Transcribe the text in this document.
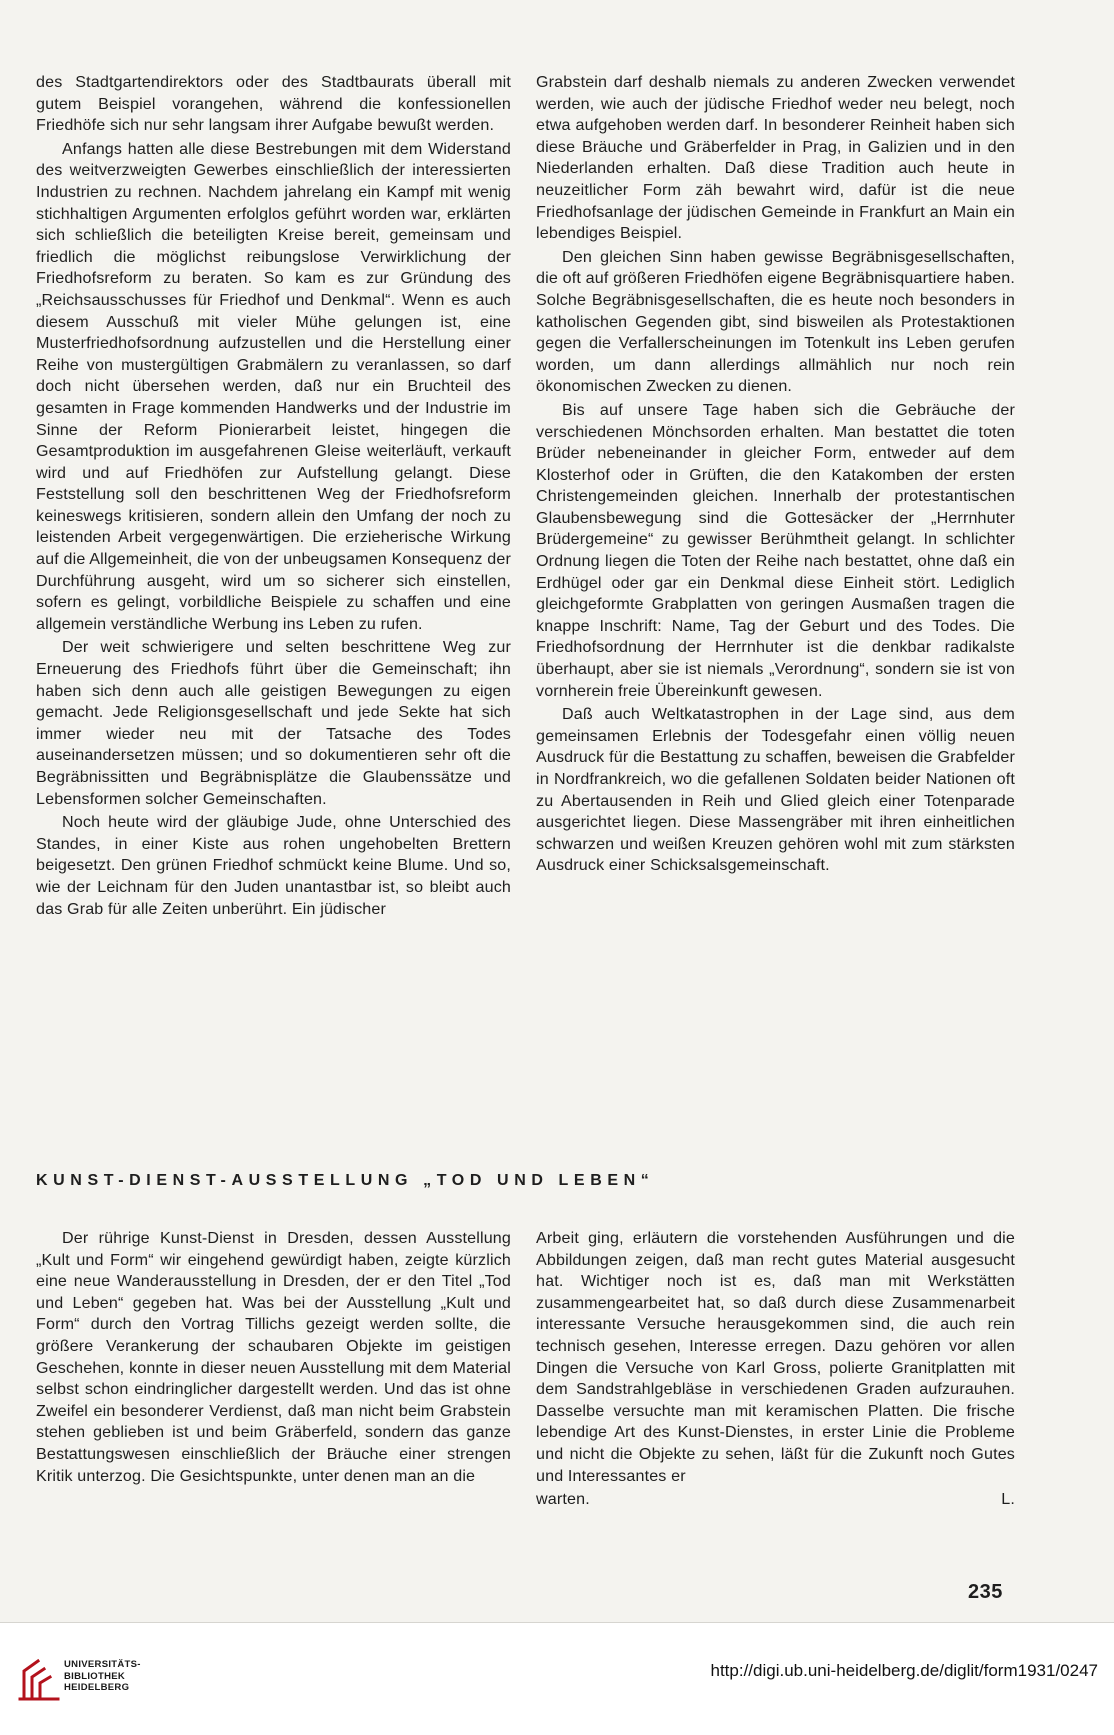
des Stadtgartendirektors oder des Stadtbaurats überall mit gutem Beispiel vorangehen, während die konfessionellen Friedhöfe sich nur sehr langsam ihrer Aufgabe bewußt werden.

Anfangs hatten alle diese Bestrebungen mit dem Widerstand des weitverzweigten Gewerbes einschließlich der interessierten Industrien zu rechnen. Nachdem jahrelang ein Kampf mit wenig stichhaltigen Argumenten erfolglos geführt worden war, erklärten sich schließlich die beteiligten Kreise bereit, gemeinsam und friedlich die möglichst reibungslose Verwirklichung der Friedhofsreform zu beraten. So kam es zur Gründung des „Reichsausschusses für Friedhof und Denkmal“. Wenn es auch diesem Ausschuß mit vieler Mühe gelungen ist, eine Musterfriedhofsordnung aufzustellen und die Herstellung einer Reihe von mustergültigen Grabmälern zu veranlassen, so darf doch nicht übersehen werden, daß nur ein Bruchteil des gesamten in Frage kommenden Handwerks und der Industrie im Sinne der Reform Pionierarbeit leistet, hingegen die Gesamtproduktion im ausgefahrenen Gleise weiterläuft, verkauft wird und auf Friedhöfen zur Aufstellung gelangt. Diese Feststellung soll den beschrittenen Weg der Friedhofsreform keineswegs kritisieren, sondern allein den Umfang der noch zu leistenden Arbeit vergegenwärtigen. Die erzieherische Wirkung auf die Allgemeinheit, die von der unbeugsamen Konsequenz der Durchführung ausgeht, wird um so sicherer sich einstellen, sofern es gelingt, vorbildliche Beispiele zu schaffen und eine allgemein verständliche Werbung ins Leben zu rufen.

Der weit schwierigere und selten beschrittene Weg zur Erneuerung des Friedhofs führt über die Gemeinschaft; ihn haben sich denn auch alle geistigen Bewegungen zu eigen gemacht. Jede Religionsgesellschaft und jede Sekte hat sich immer wieder neu mit der Tatsache des Todes auseinandersetzen müssen; und so dokumentieren sehr oft die Begräbnissitten und Begräbnisplätze die Glaubenssätze und Lebensformen solcher Gemeinschaften.

Noch heute wird der gläubige Jude, ohne Unterschied des Standes, in einer Kiste aus rohen ungehobelten Brettern beigesetzt. Den grünen Friedhof schmückt keine Blume. Und so, wie der Leichnam für den Juden unantastbar ist, so bleibt auch das Grab für alle Zeiten unberührt. Ein jüdischer

Grabstein darf deshalb niemals zu anderen Zwecken verwendet werden, wie auch der jüdische Friedhof weder neu belegt, noch etwa aufgehoben werden darf. In besonderer Reinheit haben sich diese Bräuche und Gräberfelder in Prag, in Galizien und in den Niederlanden erhalten. Daß diese Tradition auch heute in neuzeitlicher Form zäh bewahrt wird, dafür ist die neue Friedhofsanlage der jüdischen Gemeinde in Frankfurt an Main ein lebendiges Beispiel.

Den gleichen Sinn haben gewisse Begräbnisgesellschaften, die oft auf größeren Friedhöfen eigene Begräbnisquartiere haben. Solche Begräbnisgesellschaften, die es heute noch besonders in katholischen Gegenden gibt, sind bisweilen als Protestaktionen gegen die Verfallerscheinungen im Totenkult ins Leben gerufen worden, um dann allerdings allmählich nur noch rein ökonomischen Zwecken zu dienen.

Bis auf unsere Tage haben sich die Gebräuche der verschiedenen Mönchsorden erhalten. Man bestattet die toten Brüder nebeneinander in gleicher Form, entweder auf dem Klosterhof oder in Grüften, die den Katakomben der ersten Christengemeinden gleichen. Innerhalb der protestantischen Glaubensbewegung sind die Gottesäcker der „Herrnhuter Brüdergemeine“ zu gewisser Berühmtheit gelangt. In schlichter Ordnung liegen die Toten der Reihe nach bestattet, ohne daß ein Erdhügel oder gar ein Denkmal diese Einheit stört. Lediglich gleichgeformte Grabplatten von geringen Ausmaßen tragen die knappe Inschrift: Name, Tag der Geburt und des Todes. Die Friedhofsordnung der Herrnhuter ist die denkbar radikalste überhaupt, aber sie ist niemals „Verordnung“, sondern sie ist von vornherein freie Übereinkunft gewesen.

Daß auch Weltkatastrophen in der Lage sind, aus dem gemeinsamen Erlebnis der Todesgefahr einen völlig neuen Ausdruck für die Bestattung zu schaffen, beweisen die Grabfelder in Nordfrankreich, wo die gefallenen Soldaten beider Nationen oft zu Abertausenden in Reih und Glied gleich einer Totenparade ausgerichtet liegen. Diese Massengräber mit ihren einheitlichen schwarzen und weißen Kreuzen gehören wohl mit zum stärksten Ausdruck einer Schicksalsgemeinschaft.

KUNST-DIENST-AUSSTELLUNG „TOD UND LEBEN“

Der rührige Kunst-Dienst in Dresden, dessen Ausstellung „Kult und Form“ wir eingehend gewürdigt haben, zeigte kürzlich eine neue Wanderausstellung in Dresden, der er den Titel „Tod und Leben“ gegeben hat. Was bei der Ausstellung „Kult und Form“ durch den Vortrag Tillichs gezeigt werden sollte, die größere Verankerung der schaubaren Objekte im geistigen Geschehen, konnte in dieser neuen Ausstellung mit dem Material selbst schon eindringlicher dargestellt werden. Und das ist ohne Zweifel ein besonderer Verdienst, daß man nicht beim Grabstein stehen geblieben ist und beim Gräberfeld, sondern das ganze Bestattungswesen einschließlich der Bräuche einer strengen Kritik unterzog. Die Gesichtspunkte, unter denen man an die

Arbeit ging, erläutern die vorstehenden Ausführungen und die Abbildungen zeigen, daß man recht gutes Material ausgesucht hat. Wichtiger noch ist es, daß man mit Werkstätten zusammengearbeitet hat, so daß durch diese Zusammenarbeit interessante Versuche herausgekommen sind, die auch rein technisch gesehen, Interesse erregen. Dazu gehören vor allen Dingen die Versuche von Karl Gross, polierte Granitplatten mit dem Sandstrahlgebläse in verschiedenen Graden aufzurauhen. Dasselbe versuchte man mit keramischen Platten. Die frische lebendige Art des Kunst-Dienstes, in erster Linie die Probleme und nicht die Objekte zu sehen, läßt für die Zukunft noch Gutes und Interessantes er

warten.	L.
235
UNIVERSITÄTS-
BIBLIOTHEK
HEIDELBERG
http://digi.ub.uni-heidelberg.de/diglit/form1931/0247
